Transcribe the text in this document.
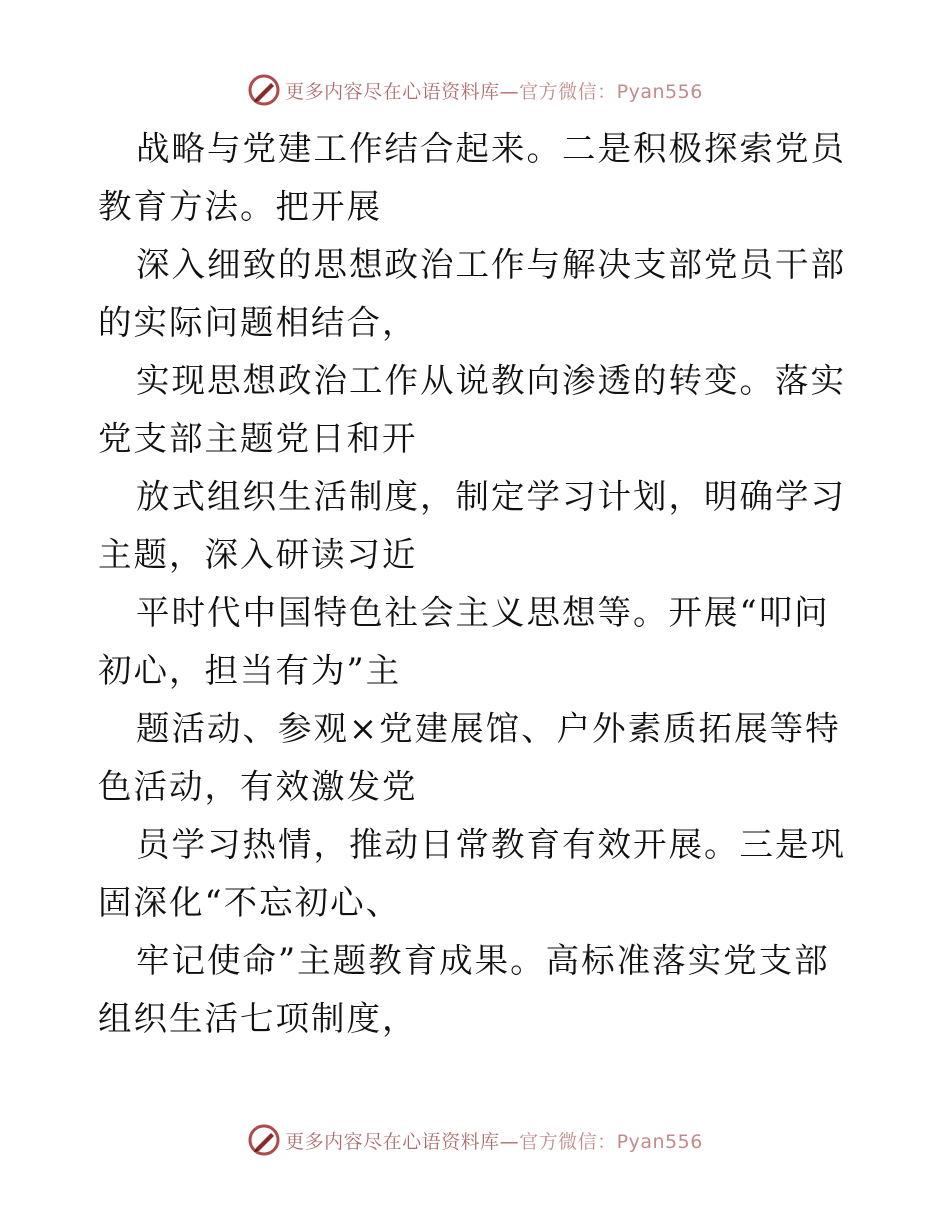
更多内容尽在心语资料库—官方微信：Pyan556

战略与党建工作结合起来。二是积极探索党员教育方法。把开展

深入细致的思想政治工作与解决支部党员干部的实际问题相结合，

实现思想政治工作从说教向渗透的转变。落实党支部主题党日和开

放式组织生活制度，制定学习计划，明确学习主题，深入研读习近

平时代中国特色社会主义思想等。开展“叩问初心，担当有为”主

题活动、参观×党建展馆、户外素质拓展等特色活动，有效激发党

员学习热情，推动日常教育有效开展。三是巩固深化“不忘初心、

牢记使命”主题教育成果。高标准落实党支部组织生活七项制度，

更多内容尽在心语资料库—官方微信：Pyan556
